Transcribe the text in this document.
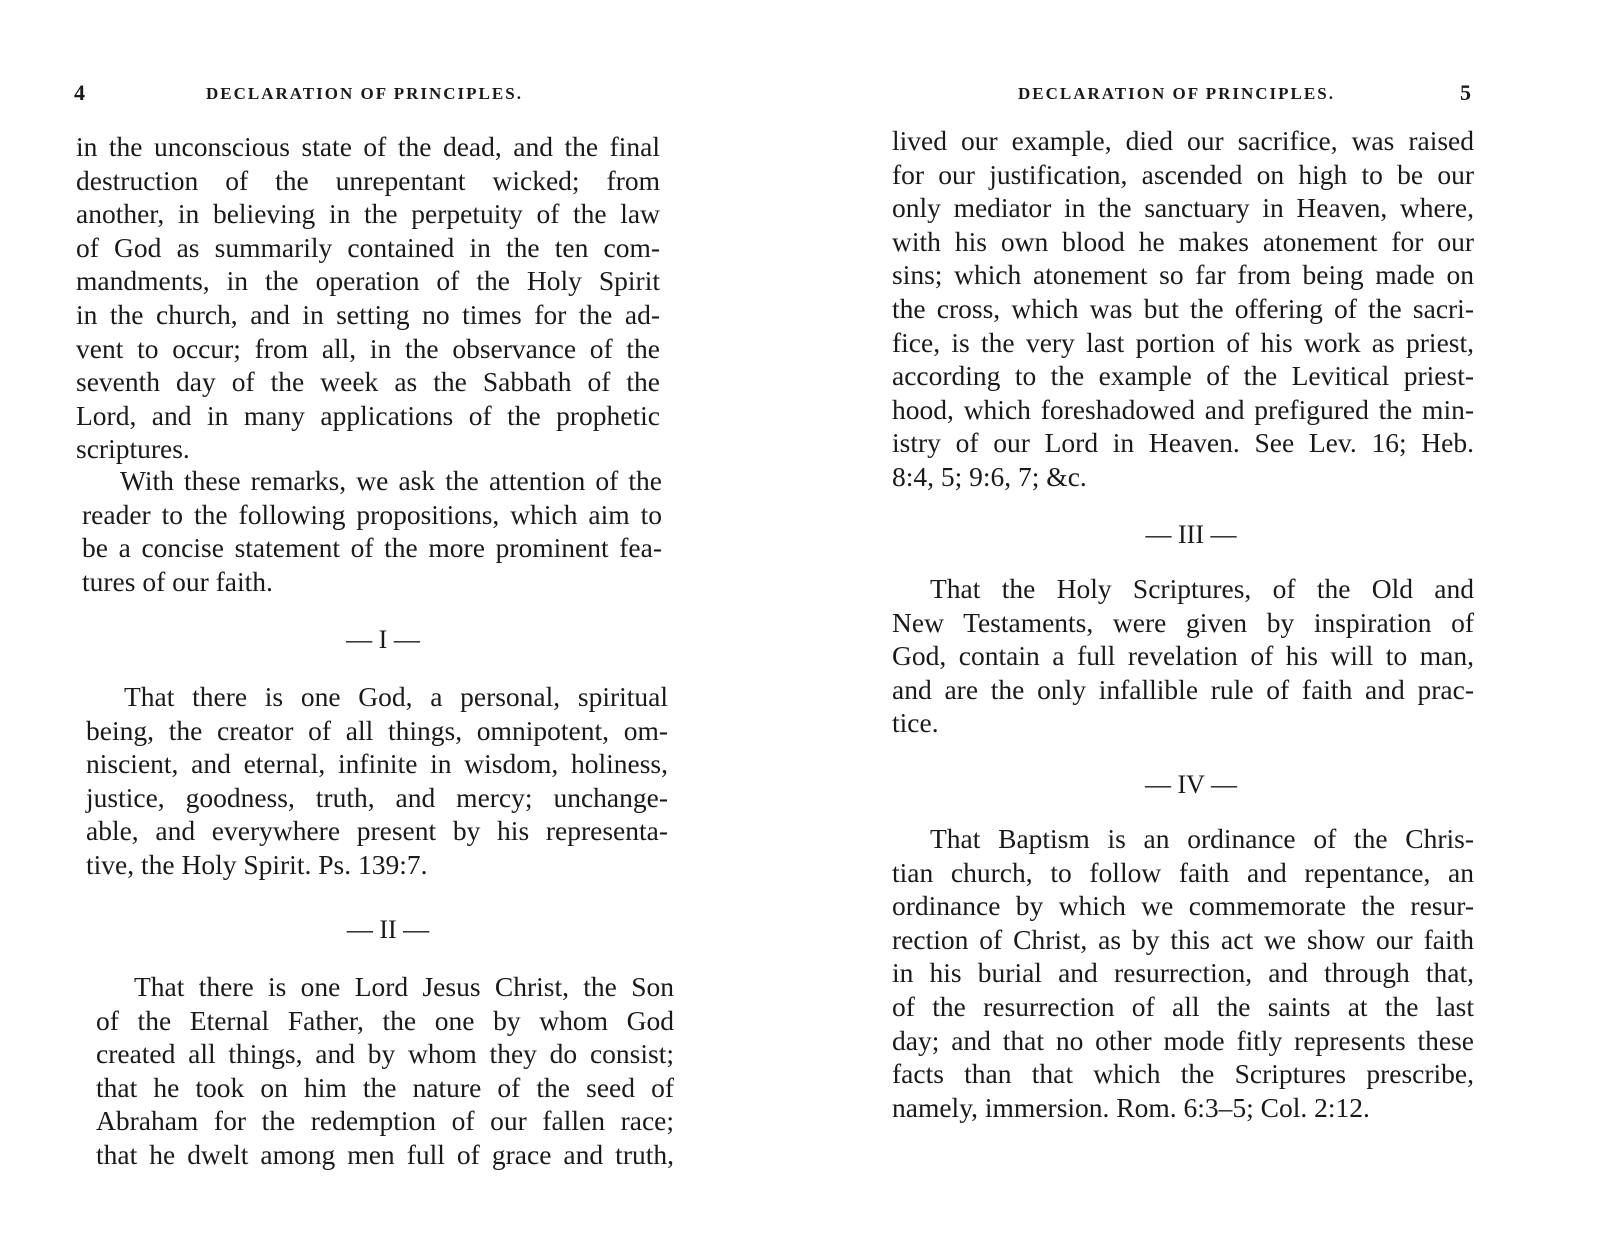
4	DECLARATION OF PRINCIPLES.
in the unconscious state of the dead, and the final
destruction of the unrepentant wicked; from
another, in believing in the perpetuity of the law
of God as summarily contained in the ten com-
mandments, in the operation of the Holy Spirit
in the church, and in setting no times for the ad-
vent to occur; from all, in the observance of the
seventh day of the week as the Sabbath of the
Lord, and in many applications of the prophetic
scriptures.
With these remarks, we ask the attention of the
reader to the following propositions, which aim to
be a concise statement of the more prominent fea-
tures of our faith.
— I —
That there is one God, a personal, spiritual
being, the creator of all things, omnipotent, om-
niscient, and eternal, infinite in wisdom, holiness,
justice, goodness, truth, and mercy; unchange-
able, and everywhere present by his representa-
tive, the Holy Spirit. Ps. 139:7.
— II —
That there is one Lord Jesus Christ, the Son
of the Eternal Father, the one by whom God
created all things, and by whom they do consist;
that he took on him the nature of the seed of
Abraham for the redemption of our fallen race;
that he dwelt among men full of grace and truth,
DECLARATION OF PRINCIPLES.	5
lived our example, died our sacrifice, was raised
for our justification, ascended on high to be our
only mediator in the sanctuary in Heaven, where,
with his own blood he makes atonement for our
sins; which atonement so far from being made on
the cross, which was but the offering of the sacri-
fice, is the very last portion of his work as priest,
according to the example of the Levitical priest-
hood, which foreshadowed and prefigured the min-
istry of our Lord in Heaven. See Lev. 16; Heb.
8:4, 5; 9:6, 7; &c.
— III —
That the Holy Scriptures, of the Old and
New Testaments, were given by inspiration of
God, contain a full revelation of his will to man,
and are the only infallible rule of faith and prac-
tice.
— IV —
That Baptism is an ordinance of the Chris-
tian church, to follow faith and repentance, an
ordinance by which we commemorate the resur-
rection of Christ, as by this act we show our faith
in his burial and resurrection, and through that,
of the resurrection of all the saints at the last
day; and that no other mode fitly represents these
facts than that which the Scriptures prescribe,
namely, immersion. Rom. 6:3–5; Col. 2:12.
